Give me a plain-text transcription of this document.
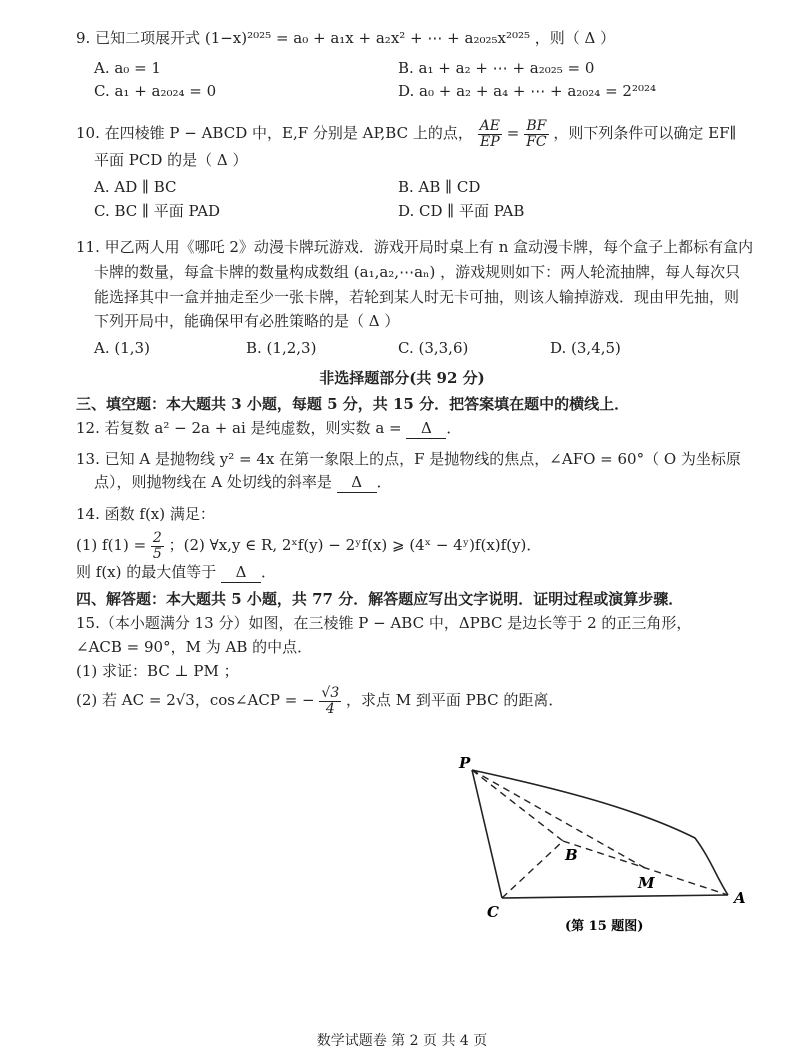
9. 已知二项展开式 (1−x)²⁰²⁵ = a₀ + a₁x + a₂x² + ⋯ + a₂₀₂₅x²⁰²⁵ ，则（ Δ ）
A. a₀ = 1	B. a₁ + a₂ + ⋯ + a₂₀₂₅ = 0
C. a₁ + a₂₀₂₄ = 0	D. a₀ + a₂ + a₄ + ⋯ + a₂₀₂₄ = 2²⁰²⁴
10. 在四棱锥 P − ABCD 中，E,F 分别是 AP,BC 上的点， $\frac{AE}{EP} = \frac{BF}{FC}$ ，则下列条件可以确定 EF∥
平面 PCD 的是（ Δ ）
A. AD ∥ BC	B. AB ∥ CD
C. BC ∥ 平面 PAD	D. CD ∥ 平面 PAB
11. 甲乙两人用《哪吒 2》动漫卡牌玩游戏．游戏开局时桌上有 n 盒动漫卡牌，每个盒子上都标有盒内
卡牌的数量，每盒卡牌的数量构成数组 (a₁,a₂,⋯aₙ) ，游戏规则如下：两人轮流抽牌，每人每次只
能选择其中一盒并抽走至少一张卡牌，若轮到某人时无卡可抽，则该人输掉游戏．现由甲先抽，则
下列开局中，能确保甲有必胜策略的是（ Δ ）
A. (1,3)	B. (1,2,3)	C. (3,3,6)	D. (3,4,5)
非选择题部分(共 92 分)
三、填空题：本大题共 3 小题，每题 5 分，共 15 分．把答案填在题中的横线上．
12. 若复数 a² − 2a + ai 是纯虚数，则实数 a = Δ ．
13. 已知 A 是抛物线 y² = 4x 在第一象限上的点，F 是抛物线的焦点，∠AFO = 60°（ O 为坐标原
点），则抛物线在 A 处切线的斜率是 Δ ．
14. 函数 f(x) 满足：
(1) $f(1) = \frac{2}{5}$ ；(2) ∀x,y ∈ R, 2ˣf(y) − 2ʸf(x) ⩾ (4ˣ − 4ʸ)f(x)f(y)．
则 f(x) 的最大值等于 Δ ．
四、解答题：本大题共 5 小题，共 77 分．解答题应写出文字说明．证明过程或演算步骤．
15.（本小题满分 13 分）如图，在三棱锥 P − ABC 中，ΔPBC 是边长等于 2 的正三角形，
∠ACB = 90°，M 为 AB 的中点．
(1) 求证：BC ⊥ PM ；
(2) 若 AC = 2√3，cos∠ACP = − $\frac{√3}{4}$ ，求点 M 到平面 PBC 的距离．
P
B
M
C
A
(第 15 题图)
数学试题卷 第 2 页 共 4 页
